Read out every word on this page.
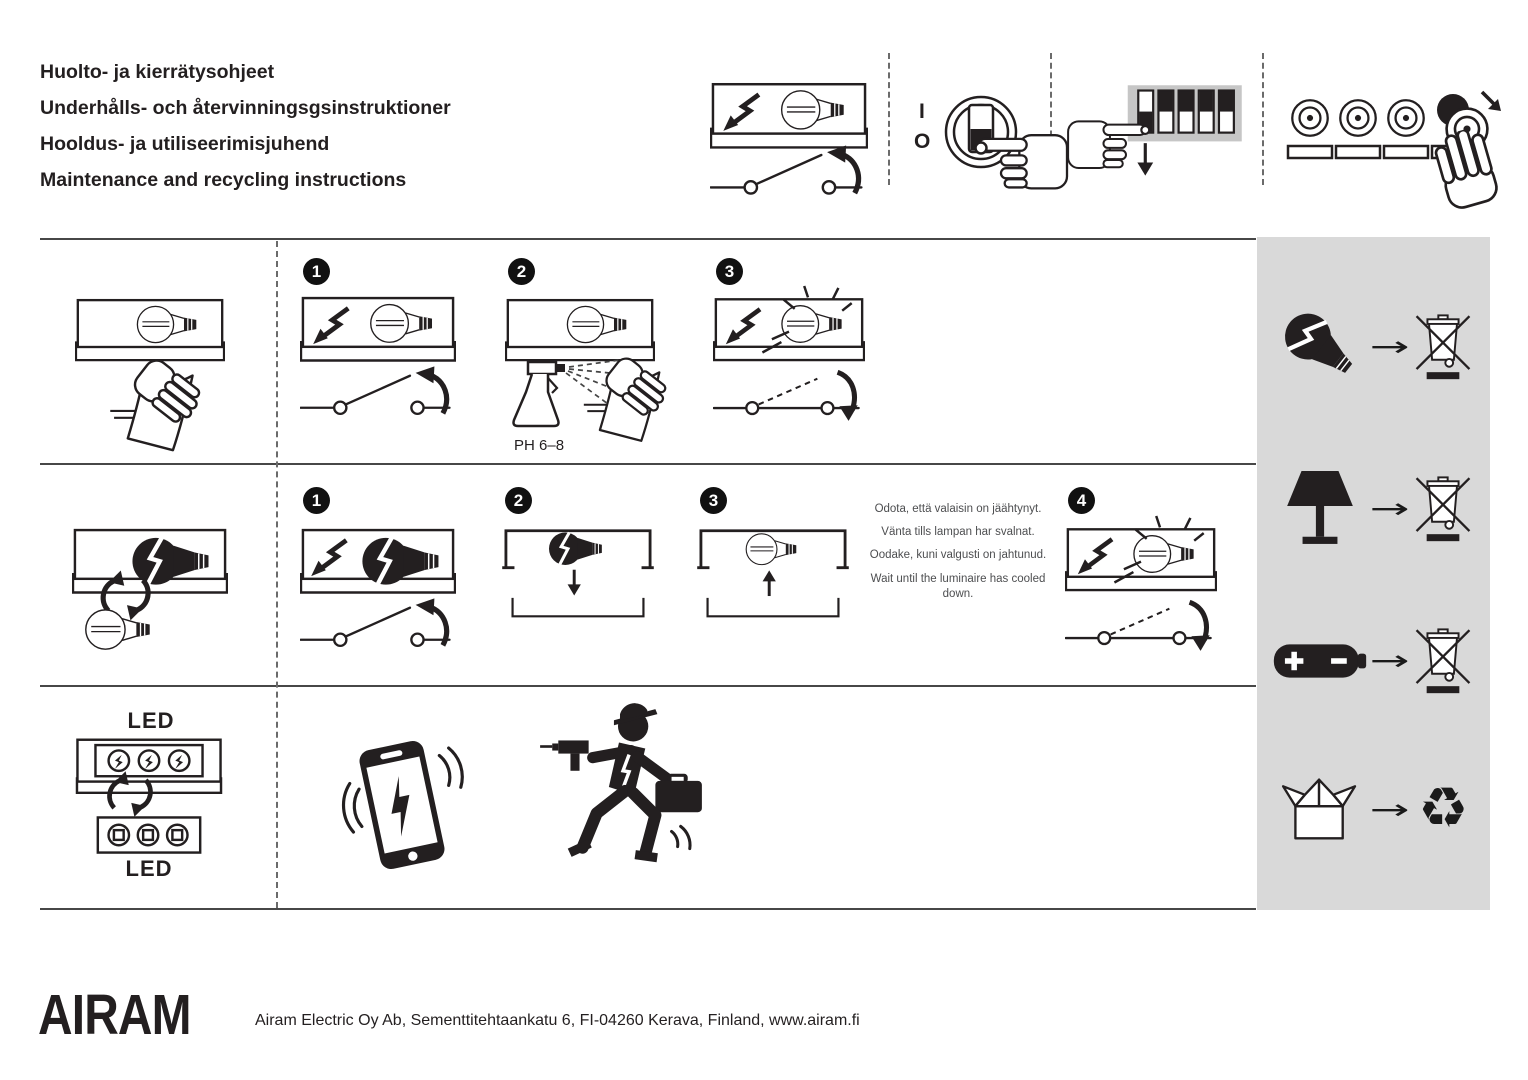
Huolto- ja kierrätysohjeet
Underhålls- och återvinningsgsinstruktioner
Hooldus- ja utiliseerimisjuhend
Maintenance and recycling instructions
I
O
1	2
PH 6–8
3
1	2	3	Odota, että valaisin on jäähtynyt.

Vänta tills lampan har svalnat.

Oodake, kuni valgusti on jahtunud.

Wait until the luminaire has cooled down.

4
LED
LED
→
→
→
→ ♻
AIRAM	Airam Electric Oy Ab, Sementtitehtaankatu 6, FI-04260 Kerava, Finland, www.airam.fi
